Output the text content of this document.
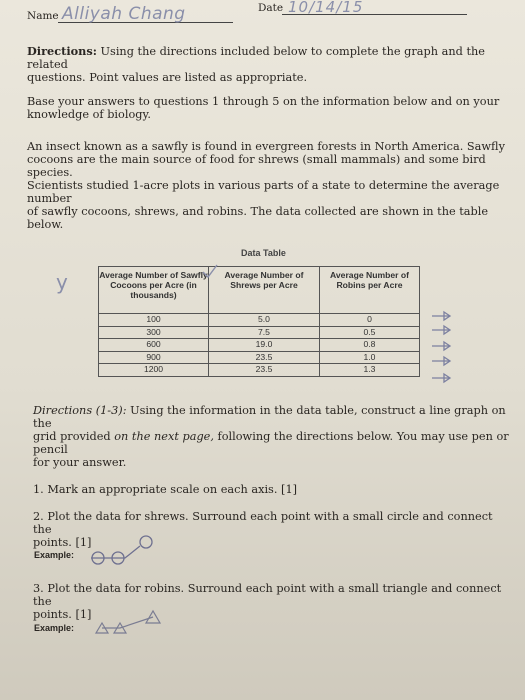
Name Alliyah Chang	Date 10/14/15
Directions: Using the directions included below to complete the graph and the related
questions. Point values are listed as appropriate.
Base your answers to questions 1 through 5 on the information below and on your
knowledge of biology.
An insect known as a sawfly is found in evergreen forests in North America. Sawfly
cocoons are the main source of food for shrews (small mammals) and some bird
species.
Scientists studied 1-acre plots in various parts of a state to determine the average
number
of sawfly cocoons, shrews, and robins. The data collected are shown in the table below.
Data Table
y	Average Number of Sawfly Cocoons per Acre (in thousands)	Average Number of Shrews per Acre	Average Number of Robins per Acre
100	5.0	0
300	7.5	0.5
600	19.0	0.8
900	23.5	1.0
1200	23.5	1.3
Directions (1-3): Using the information in the data table, construct a line graph on the
grid provided on the next page, following the directions below. You may use pen or
pencil
for your answer.
1. Mark an appropriate scale on each axis. [1]
2. Plot the data for shrews. Surround each point with a small circle and connect the
points. [1]
Example:
3. Plot the data for robins. Surround each point with a small triangle and connect the
points. [1]
Example:
